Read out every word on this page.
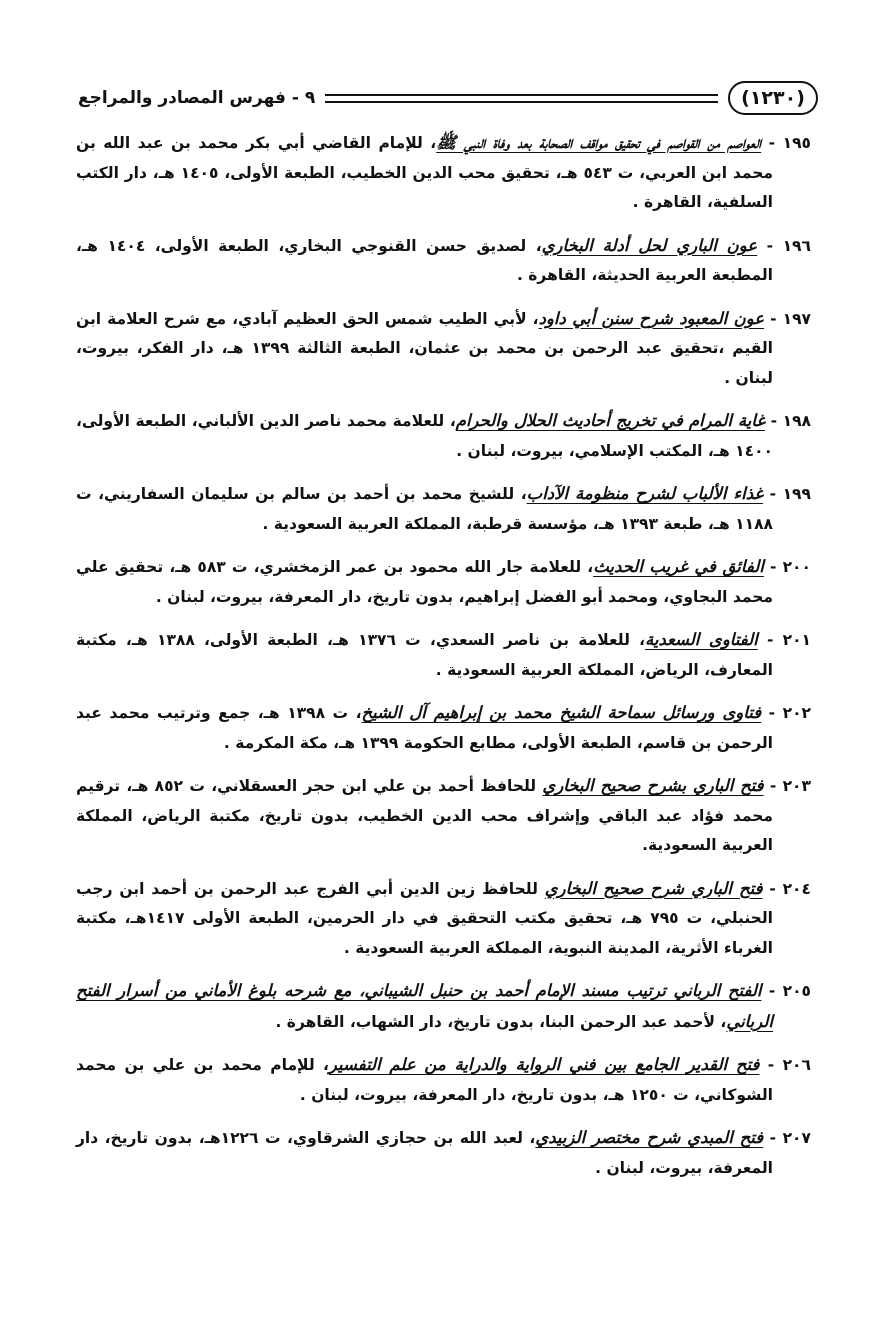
(١٢٣٠)
٩ - فهرس المصادر والمراجع

١٩٥ - العواصم من القواصم في تحقيق مواقف الصحابة بعد وفاة النبي ﷺ، للإمام القاضي أبي بكر محمد بن عبد الله بن محمد ابن العربي، ت ٥٤٣ هـ، تحقيق محب الدين الخطيب، الطبعة الأولى، ١٤٠٥ هـ، دار الكتب السلفية، القاهرة .

١٩٦ - عون الباري لحل أدلة البخاري، لصديق حسن القنوجي البخاري، الطبعة الأولى، ١٤٠٤ هـ، المطبعة العربية الحديثة، القاهرة .

١٩٧ - عون المعبود شرح سنن أبي داود، لأبي الطيب شمس الحق العظيم آبادي، مع شرح العلامة ابن القيم ،تحقيق عبد الرحمن بن محمد بن عثمان، الطبعة الثالثة ١٣٩٩ هـ، دار الفكر، بيروت، لبنان .

١٩٨ - غاية المرام في تخريج أحاديث الحلال والحرام، للعلامة محمد ناصر الدين الألباني، الطبعة الأولى، ١٤٠٠ هـ، المكتب الإسلامي، بيروت، لبنان .

١٩٩ - غذاء الألباب لشرح منظومة الآداب، للشيخ محمد بن أحمد بن سالم بن سليمان السفاريني، ت ١١٨٨ هـ، طبعة ١٣٩٣ هـ، مؤسسة قرطبة، المملكة العربية السعودية .

٢٠٠ - الفائق في غريب الحديث، للعلامة جار الله محمود بن عمر الزمخشري، ت ٥٨٣ هـ، تحقيق علي محمد البجاوي، ومحمد أبو الفضل إبراهيم، بدون تاريخ، دار المعرفة، بيروت، لبنان .

٢٠١ - الفتاوى السعدية، للعلامة بن ناصر السعدي، ت ١٣٧٦ هـ، الطبعة الأولى، ١٣٨٨ هـ، مكتبة المعارف، الرياض، المملكة العربية السعودية .

٢٠٢ - فتاوى ورسائل سماحة الشيخ محمد بن إبراهيم آل الشيخ، ت ١٣٩٨ هـ، جمع وترتيب محمد عبد الرحمن بن قاسم، الطبعة الأولى، مطابع الحكومة ١٣٩٩ هـ، مكة المكرمة .

٢٠٣ - فتح الباري بشرح صحيح البخاري للحافظ أحمد بن علي ابن حجر العسقلاني، ت ٨٥٢ هـ، ترقيم محمد فؤاد عبد الباقي وإشراف محب الدين الخطيب، بدون تاريخ، مكتبة الرياض، المملكة العربية السعودية.

٢٠٤ - فتح الباري شرح صحيح البخاري للحافظ زين الدين أبي الفرج عبد الرحمن بن أحمد ابن رجب الحنبلي، ت ٧٩٥ هـ، تحقيق مكتب التحقيق في دار الحرمين، الطبعة الأولى ١٤١٧هـ، مكتبة الغرباء الأثرية، المدينة النبوية، المملكة العربية السعودية .

٢٠٥ - الفتح الرباني ترتيب مسند الإمام أحمد بن حنبل الشيباني، مع شرحه بلوغ الأماني من أسرار الفتح الرباني، لأحمد عبد الرحمن البنا، بدون تاريخ، دار الشهاب، القاهرة .

٢٠٦ - فتح القدير الجامع بين فني الرواية والدراية من علم التفسير، للإمام محمد بن علي بن محمد الشوكاني، ت ١٢٥٠ هـ، بدون تاريخ، دار المعرفة، بيروت، لبنان .

٢٠٧ - فتح المبدي شرح مختصر الزبيدي، لعبد الله بن حجازي الشرقاوي، ت ١٢٢٦هـ، بدون تاريخ، دار المعرفة، بيروت، لبنان .
